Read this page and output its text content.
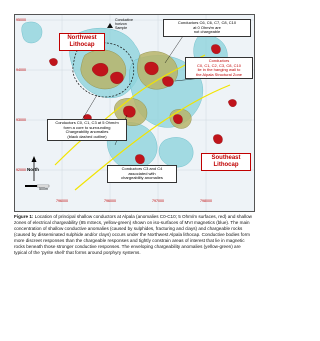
95000
94000
93000
92000
796000	796000	797000	798000
Conductive
horizon
Sample
Conductors C6, C6, C7, C8, C10
at 0 Ohm/m are
not chargeable
Northwest
Lithocap
Conductors
C0, C1, C2, C3, C8, C10
lie in the hanging wall to
the Alpala Structural Zone
Conductors C0, C1, C3 at 5 Ohm/m
form a core to surrounding
Chargeability anomalies
(black dashed outline)
Conductors C3 and C4
associated with
chargeability anomalies
Southeast
Lithocap
North
500m
Figure 1: Location of principal shallow conductors at Alpala (anomalies C0-C10; 5 Ohm/m surfaces, red) and shallow zones of electrical chargeability (85 mSecs, yellow-green) shown on iso-surfaces of MVI magnetics (blue). The main concentration of shallow conductive anomalies (caused by sulphides, fracturing and clays) and chargeable rocks (caused by disseminated sulphide and/or clays) occurs under the Northwest Alpala lithocap. Conductive bodies form more discreet responses than the chargeable responses and tightly constrain areas of interest that lie in magnetic rocks beneath those stronger conductive responses. The enveloping chargeability anomalies (yellow-green) are typical of the 'pyrite shell' that forms around porphyry systems.
